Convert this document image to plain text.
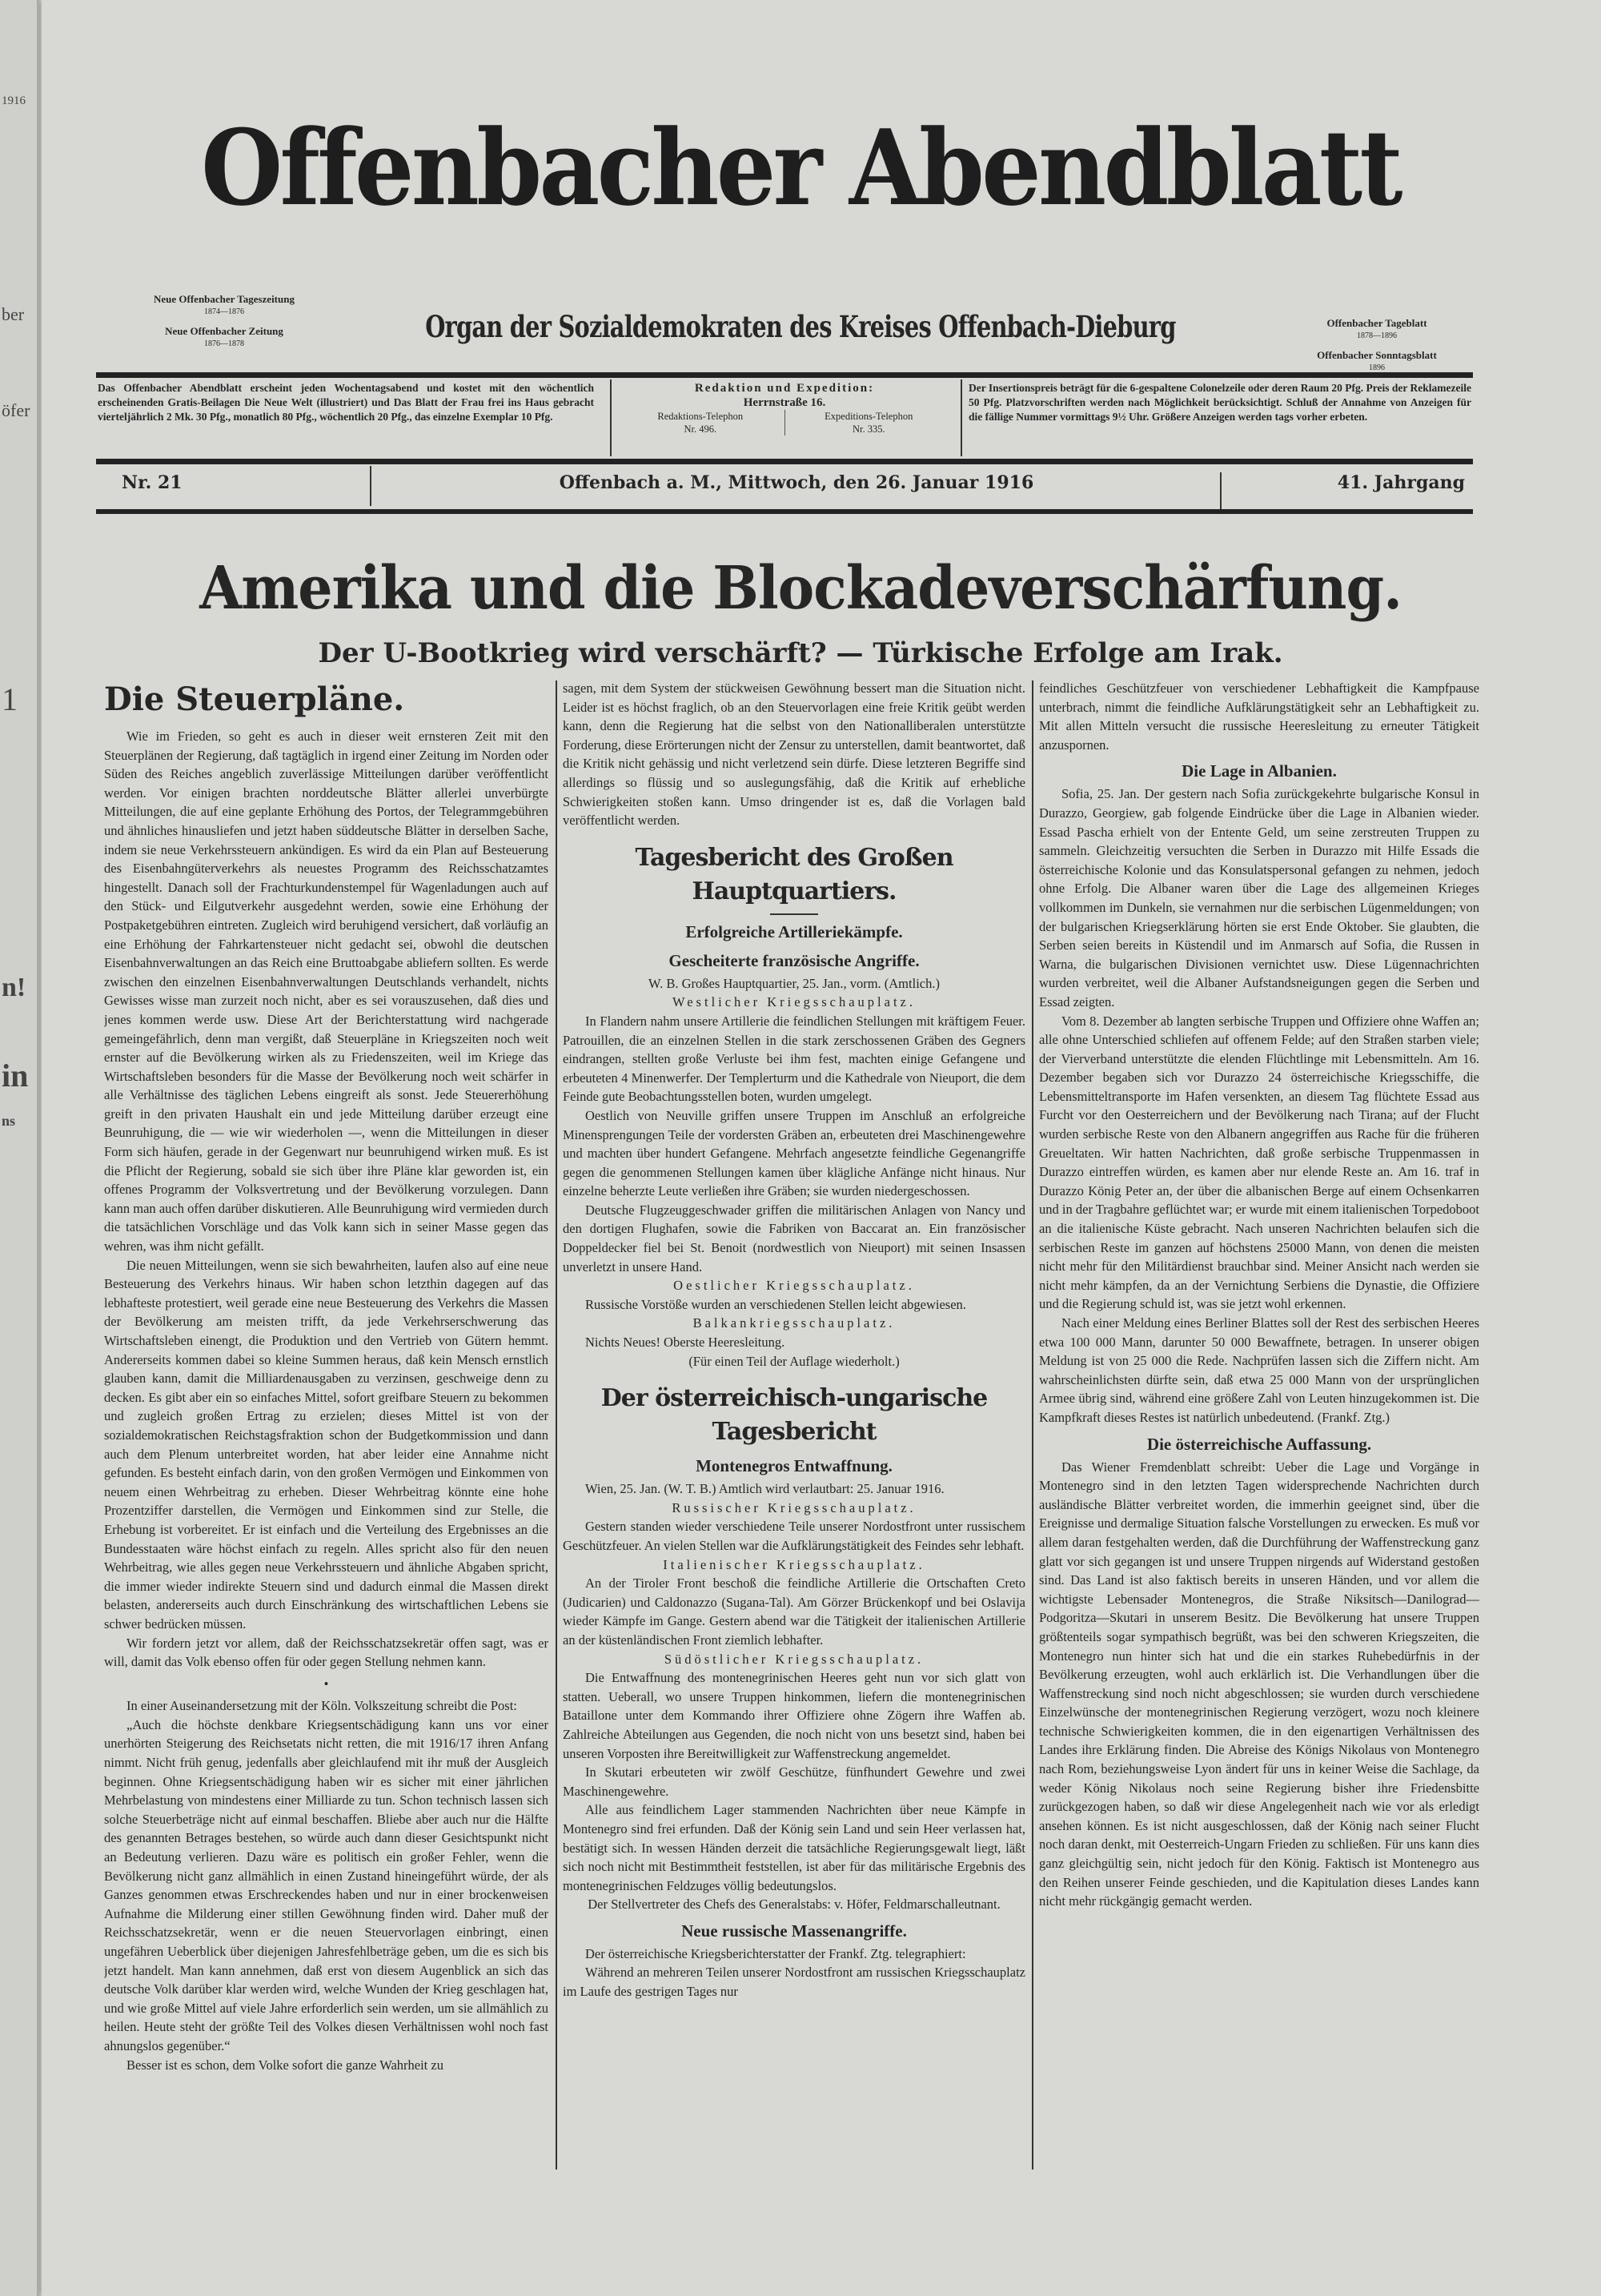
1916
ber
öfer
n!
in
ns
1
Offenbacher Abendblatt
Neue Offenbacher Tageszeitung
1874—1876
Neue Offenbacher Zeitung
1876—1878	Organ der Sozialdemokraten des Kreises Offenbach-Dieburg	Offenbacher Tageblatt
1878—1896
Offenbacher Sonntagsblatt
1896
Das Offenbacher Abendblatt erscheint jeden Wochentagsabend und kostet mit den wöchentlich erscheinenden Gratis-Beilagen Die Neue Welt (illustriert) und Das Blatt der Frau frei ins Haus gebracht vierteljährlich 2 Mk. 30 Pfg., monatlich 80 Pfg., wöchentlich 20 Pfg., das einzelne Exemplar 10 Pfg.
Redaktion und Expedition:
Herrnstraße 16.
Redaktions-Telephon
Nr. 496.
Expeditions-Telephon
Nr. 335.
Der Insertionspreis beträgt für die 6-gespaltene Colonelzeile oder deren Raum 20 Pfg. Preis der Reklamezeile 50 Pfg. Platzvorschriften werden nach Möglichkeit berücksichtigt. Schluß der Annahme von Anzeigen für die fällige Nummer vormittags 9½ Uhr. Größere Anzeigen werden tags vorher erbeten.
Nr. 21	Offenbach a. M., Mittwoch, den 26. Januar 1916	41. Jahrgang
Amerika und die Blockadeverschärfung.
Der U-Bootkrieg wird verschärft? — Türkische Erfolge am Irak.

Die Steuerpläne.

Wie im Frieden, so geht es auch in dieser weit ernsteren Zeit mit den Steuerplänen der Regierung, daß tagtäglich in irgend einer Zeitung im Norden oder Süden des Reiches angeblich zuverlässige Mitteilungen darüber veröffentlicht werden. Vor einigen brachten norddeutsche Blätter allerlei unverbürgte Mitteilungen, die auf eine geplante Erhöhung des Portos, der Telegrammgebühren und ähnliches hinausliefen und jetzt haben süddeutsche Blätter in derselben Sache, indem sie neue Verkehrssteuern ankündigen. Es wird da ein Plan auf Besteuerung des Eisenbahngüterverkehrs als neuestes Programm des Reichsschatzamtes hingestellt. Danach soll der Frachturkundenstempel für Wagenladungen auch auf den Stück- und Eilgutverkehr ausgedehnt werden, sowie eine Erhöhung der Postpaketgebühren eintreten. Zugleich wird beruhigend versichert, daß vorläufig an eine Erhöhung der Fahrkartensteuer nicht gedacht sei, obwohl die deutschen Eisenbahnverwaltungen an das Reich eine Bruttoabgabe abliefern sollten. Es werde zwischen den einzelnen Eisenbahnverwaltungen Deutschlands verhandelt, nichts Gewisses wisse man zurzeit noch nicht, aber es sei vorauszusehen, daß dies und jenes kommen werde usw. Diese Art der Berichterstattung wird nachgerade gemeingefährlich, denn man vergißt, daß Steuerpläne in Kriegszeiten noch weit ernster auf die Bevölkerung wirken als zu Friedenszeiten, weil im Kriege das Wirtschaftsleben besonders für die Masse der Bevölkerung noch weit schärfer in alle Verhältnisse des täglichen Lebens eingreift als sonst. Jede Steuererhöhung greift in den privaten Haushalt ein und jede Mitteilung darüber erzeugt eine Beunruhigung, die — wie wir wiederholen —, wenn die Mitteilungen in dieser Form sich häufen, gerade in der Gegenwart nur beunruhigend wirken muß. Es ist die Pflicht der Regierung, sobald sie sich über ihre Pläne klar geworden ist, ein offenes Programm der Volksvertretung und der Bevölkerung vorzulegen. Dann kann man auch offen darüber diskutieren. Alle Beunruhigung wird vermieden durch die tatsächlichen Vorschläge und das Volk kann sich in seiner Masse gegen das wehren, was ihm nicht gefällt.

Die neuen Mitteilungen, wenn sie sich bewahrheiten, laufen also auf eine neue Besteuerung des Verkehrs hinaus. Wir haben schon letzthin dagegen auf das lebhafteste protestiert, weil gerade eine neue Besteuerung des Verkehrs die Massen der Bevölkerung am meisten trifft, da jede Verkehrserschwerung das Wirtschaftsleben einengt, die Produktion und den Vertrieb von Gütern hemmt. Andererseits kommen dabei so kleine Summen heraus, daß kein Mensch ernstlich glauben kann, damit die Milliardenausgaben zu verzinsen, geschweige denn zu decken. Es gibt aber ein so einfaches Mittel, sofort greifbare Steuern zu bekommen und zugleich großen Ertrag zu erzielen; dieses Mittel ist von der sozialdemokratischen Reichstagsfraktion schon der Budgetkommission und dann auch dem Plenum unterbreitet worden, hat aber leider eine Annahme nicht gefunden. Es besteht einfach darin, von den großen Vermögen und Einkommen von neuem einen Wehrbeitrag zu erheben. Dieser Wehrbeitrag könnte eine hohe Prozentziffer darstellen, die Vermögen und Einkommen sind zur Stelle, die Erhebung ist vorbereitet. Er ist einfach und die Verteilung des Ergebnisses an die Bundesstaaten wäre höchst einfach zu regeln. Alles spricht also für den neuen Wehrbeitrag, wie alles gegen neue Verkehrssteuern und ähnliche Abgaben spricht, die immer wieder indirekte Steuern sind und dadurch einmal die Massen direkt belasten, andererseits auch durch Einschränkung des wirtschaftlichen Lebens sie schwer bedrücken müssen.

Wir fordern jetzt vor allem, daß der Reichsschatzsekretär offen sagt, was er will, damit das Volk ebenso offen für oder gegen Stellung nehmen kann.

•

In einer Auseinandersetzung mit der Köln. Volkszeitung schreibt die Post:

„Auch die höchste denkbare Kriegsentschädigung kann uns vor einer unerhörten Steigerung des Reichsetats nicht retten, die mit 1916/17 ihren Anfang nimmt. Nicht früh genug, jedenfalls aber gleichlaufend mit ihr muß der Ausgleich beginnen. Ohne Kriegsentschädigung haben wir es sicher mit einer jährlichen Mehrbelastung von mindestens einer Milliarde zu tun. Schon technisch lassen sich solche Steuerbeträge nicht auf einmal beschaffen. Bliebe aber auch nur die Hälfte des genannten Betrages bestehen, so würde auch dann dieser Gesichtspunkt nicht an Bedeutung verlieren. Dazu wäre es politisch ein großer Fehler, wenn die Bevölkerung nicht ganz allmählich in einen Zustand hineingeführt würde, der als Ganzes genommen etwas Erschreckendes haben und nur in einer brockenweisen Aufnahme die Milderung einer stillen Gewöhnung finden wird. Daher muß der Reichsschatzsekretär, wenn er die neuen Steuervorlagen einbringt, einen ungefähren Ueberblick über diejenigen Jahresfehlbeträge geben, um die es sich bis jetzt handelt. Man kann annehmen, daß erst von diesem Augenblick an sich das deutsche Volk darüber klar werden wird, welche Wunden der Krieg geschlagen hat, und wie große Mittel auf viele Jahre erforderlich sein werden, um sie allmählich zu heilen. Heute steht der größte Teil des Volkes diesen Verhältnissen wohl noch fast ahnungslos gegenüber.“

Besser ist es schon, dem Volke sofort die ganze Wahrheit zu

sagen, mit dem System der stückweisen Gewöhnung bessert man die Situation nicht. Leider ist es höchst fraglich, ob an den Steuervorlagen eine freie Kritik geübt werden kann, denn die Regierung hat die selbst von den Nationalliberalen unterstützte Forderung, diese Erörterungen nicht der Zensur zu unterstellen, damit beantwortet, daß die Kritik nicht gehässig und nicht verletzend sein dürfe. Diese letzteren Begriffe sind allerdings so flüssig und so auslegungsfähig, daß die Kritik auf erhebliche Schwierigkeiten stoßen kann. Umso dringender ist es, daß die Vorlagen bald veröffentlicht werden.

Tagesbericht des Großen Hauptquartiers.

Erfolgreiche Artilleriekämpfe.

Gescheiterte französische Angriffe.

W. B. Großes Hauptquartier, 25. Jan., vorm. (Amtlich.)

Westlicher Kriegsschauplatz.

In Flandern nahm unsere Artillerie die feindlichen Stellungen mit kräftigem Feuer. Patrouillen, die an einzelnen Stellen in die stark zerschossenen Gräben des Gegners eindrangen, stellten große Verluste bei ihm fest, machten einige Gefangene und erbeuteten 4 Minenwerfer. Der Templerturm und die Kathedrale von Nieuport, die dem Feinde gute Beobachtungsstellen boten, wurden umgelegt.

Oestlich von Neuville griffen unsere Truppen im Anschluß an erfolgreiche Minensprengungen Teile der vordersten Gräben an, erbeuteten drei Maschinengewehre und machten über hundert Gefangene. Mehrfach angesetzte feindliche Gegenangriffe gegen die genommenen Stellungen kamen über klägliche Anfänge nicht hinaus. Nur einzelne beherzte Leute verließen ihre Gräben; sie wurden niedergeschossen.

Deutsche Flugzeuggeschwader griffen die militärischen Anlagen von Nancy und den dortigen Flughafen, sowie die Fabriken von Baccarat an. Ein französischer Doppeldecker fiel bei St. Benoit (nordwestlich von Nieuport) mit seinen Insassen unverletzt in unsere Hand.

Oestlicher Kriegsschauplatz.

Russische Vorstöße wurden an verschiedenen Stellen leicht abgewiesen.

Balkankriegsschauplatz.

Nichts Neues! Oberste Heeresleitung.

(Für einen Teil der Auflage wiederholt.)

Der österreichisch-ungarische Tagesbericht

Montenegros Entwaffnung.

Wien, 25. Jan. (W. T. B.) Amtlich wird verlautbart: 25. Januar 1916.

Russischer Kriegsschauplatz.

Gestern standen wieder verschiedene Teile unserer Nordostfront unter russischem Geschützfeuer. An vielen Stellen war die Aufklärungstätigkeit des Feindes sehr lebhaft.

Italienischer Kriegsschauplatz.

An der Tiroler Front beschoß die feindliche Artillerie die Ortschaften Creto (Judicarien) und Caldonazzo (Sugana-Tal). Am Görzer Brückenkopf und bei Oslavija wieder Kämpfe im Gange. Gestern abend war die Tätigkeit der italienischen Artillerie an der küstenländischen Front ziemlich lebhafter.

Südöstlicher Kriegsschauplatz.

Die Entwaffnung des montenegrinischen Heeres geht nun vor sich glatt von statten. Ueberall, wo unsere Truppen hinkommen, liefern die montenegrinischen Bataillone unter dem Kommando ihrer Offiziere ohne Zögern ihre Waffen ab. Zahlreiche Abteilungen aus Gegenden, die noch nicht von uns besetzt sind, haben bei unseren Vorposten ihre Bereitwilligkeit zur Waffenstreckung angemeldet.

In Skutari erbeuteten wir zwölf Geschütze, fünfhundert Gewehre und zwei Maschinengewehre.

Alle aus feindlichem Lager stammenden Nachrichten über neue Kämpfe in Montenegro sind frei erfunden. Daß der König sein Land und sein Heer verlassen hat, bestätigt sich. In wessen Händen derzeit die tatsächliche Regierungsgewalt liegt, läßt sich noch nicht mit Bestimmtheit feststellen, ist aber für das militärische Ergebnis des montenegrinischen Feldzuges völlig bedeutungslos.

Der Stellvertreter des Chefs des Generalstabs: v. Höfer, Feldmarschalleutnant.

Neue russische Massenangriffe.

Der österreichische Kriegsberichterstatter der Frankf. Ztg. telegraphiert:

Während an mehreren Teilen unserer Nordostfront am russischen Kriegsschauplatz im Laufe des gestrigen Tages nur

feindliches Geschützfeuer von verschiedener Lebhaftigkeit die Kampfpause unterbrach, nimmt die feindliche Aufklärungstätigkeit sehr an Lebhaftigkeit zu. Mit allen Mitteln versucht die russische Heeresleitung zu erneuter Tätigkeit anzuspornen.

Die Lage in Albanien.

Sofia, 25. Jan. Der gestern nach Sofia zurückgekehrte bulgarische Konsul in Durazzo, Georgiew, gab folgende Eindrücke über die Lage in Albanien wieder. Essad Pascha erhielt von der Entente Geld, um seine zerstreuten Truppen zu sammeln. Gleichzeitig versuchten die Serben in Durazzo mit Hilfe Essads die österreichische Kolonie und das Konsulatspersonal gefangen zu nehmen, jedoch ohne Erfolg. Die Albaner waren über die Lage des allgemeinen Krieges vollkommen im Dunkeln, sie vernahmen nur die serbischen Lügenmeldungen; von der bulgarischen Kriegserklärung hörten sie erst Ende Oktober. Sie glaubten, die Serben seien bereits in Küstendil und im Anmarsch auf Sofia, die Russen in Warna, die bulgarischen Divisionen vernichtet usw. Diese Lügennachrichten wurden verbreitet, weil die Albaner Aufstandsneigungen gegen die Serben und Essad zeigten.

Vom 8. Dezember ab langten serbische Truppen und Offiziere ohne Waffen an; alle ohne Unterschied schliefen auf offenem Felde; auf den Straßen starben viele; der Vierverband unterstützte die elenden Flüchtlinge mit Lebensmitteln. Am 16. Dezember begaben sich vor Durazzo 24 österreichische Kriegsschiffe, die Lebensmitteltransporte im Hafen versenkten, an diesem Tag flüchtete Essad aus Furcht vor den Oesterreichern und der Bevölkerung nach Tirana; auf der Flucht wurden serbische Reste von den Albanern angegriffen aus Rache für die früheren Greueltaten. Wir hatten Nachrichten, daß große serbische Truppenmassen in Durazzo eintreffen würden, es kamen aber nur elende Reste an. Am 16. traf in Durazzo König Peter an, der über die albanischen Berge auf einem Ochsenkarren und in der Tragbahre geflüchtet war; er wurde mit einem italienischen Torpedoboot an die italienische Küste gebracht. Nach unseren Nachrichten belaufen sich die serbischen Reste im ganzen auf höchstens 25000 Mann, von denen die meisten nicht mehr für den Militärdienst brauchbar sind. Meiner Ansicht nach werden sie nicht mehr kämpfen, da an der Vernichtung Serbiens die Dynastie, die Offiziere und die Regierung schuld ist, was sie jetzt wohl erkennen.

Nach einer Meldung eines Berliner Blattes soll der Rest des serbischen Heeres etwa 100 000 Mann, darunter 50 000 Bewaffnete, betragen. In unserer obigen Meldung ist von 25 000 die Rede. Nachprüfen lassen sich die Ziffern nicht. Am wahrscheinlichsten dürfte sein, daß etwa 25 000 Mann von der ursprünglichen Armee übrig sind, während eine größere Zahl von Leuten hinzugekommen ist. Die Kampfkraft dieses Restes ist natürlich unbedeutend. (Frankf. Ztg.)

Die österreichische Auffassung.

Das Wiener Fremdenblatt schreibt: Ueber die Lage und Vorgänge in Montenegro sind in den letzten Tagen widersprechende Nachrichten durch ausländische Blätter verbreitet worden, die immerhin geeignet sind, über die Ereignisse und dermalige Situation falsche Vorstellungen zu erwecken. Es muß vor allem daran festgehalten werden, daß die Durchführung der Waffenstreckung ganz glatt vor sich gegangen ist und unsere Truppen nirgends auf Widerstand gestoßen sind. Das Land ist also faktisch bereits in unseren Händen, und vor allem die wichtigste Lebensader Montenegros, die Straße Niksitsch—Danilograd—Podgoritza—Skutari in unserem Besitz. Die Bevölkerung hat unsere Truppen größtenteils sogar sympathisch begrüßt, was bei den schweren Kriegszeiten, die Montenegro nun hinter sich hat und die ein starkes Ruhebedürfnis in der Bevölkerung erzeugten, wohl auch erklärlich ist. Die Verhandlungen über die Waffenstreckung sind noch nicht abgeschlossen; sie wurden durch verschiedene Einzelwünsche der montenegrinischen Regierung verzögert, wozu noch kleinere technische Schwierigkeiten kommen, die in den eigenartigen Verhältnissen des Landes ihre Erklärung finden. Die Abreise des Königs Nikolaus von Montenegro nach Rom, beziehungsweise Lyon ändert für uns in keiner Weise die Sachlage, da weder König Nikolaus noch seine Regierung bisher ihre Friedensbitte zurückgezogen haben, so daß wir diese Angelegenheit nach wie vor als erledigt ansehen können. Es ist nicht ausgeschlossen, daß der König nach seiner Flucht noch daran denkt, mit Oesterreich-Ungarn Frieden zu schließen. Für uns kann dies ganz gleichgültig sein, nicht jedoch für den König. Faktisch ist Montenegro aus den Reihen unserer Feinde geschieden, und die Kapitulation dieses Landes kann nicht mehr rückgängig gemacht werden.
